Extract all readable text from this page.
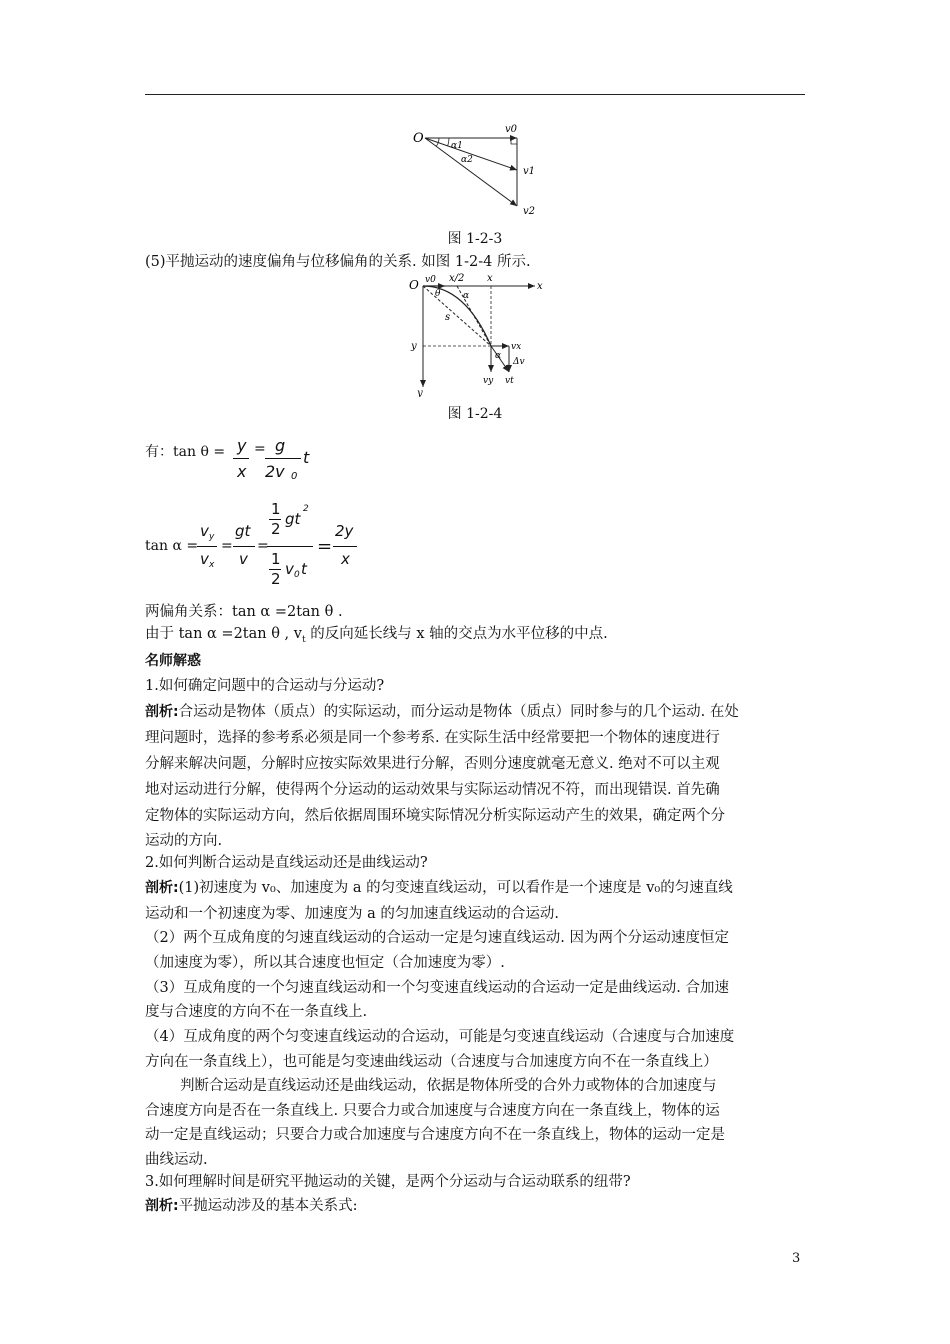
O
v0
α1
α2
v1
v2
图 1-2-3
(5)平抛运动的速度偏角与位移偏角的关系. 如图 1-2-4 所示.
O v0 x/2 x
x
θ	α
s
y
y
vx
α
Δv
vy vt
图 1-2-4
有：tan θ = y
x
= g
2v 0
t
tan α =
v y
v x
=
gt
v
=
1
2
gt
2
1
2
v 0 t
=
2y
x
两偏角关系：tan α =2tan θ .
由于 tan α =2tan θ , $v_t$ 的反向延长线与 x 轴的交点为水平位移的中点.
名师解惑
1.如何确定问题中的合运动与分运动?
剖析:合运动是物体（质点）的实际运动，而分运动是物体（质点）同时参与的几个运动. 在处
理问题时，选择的参考系必须是同一个参考系. 在实际生活中经常要把一个物体的速度进行
分解来解决问题，分解时应按实际效果进行分解，否则分速度就毫无意义. 绝对不可以主观
地对运动进行分解，使得两个分运动的运动效果与实际运动情况不符，而出现错误. 首先确
定物体的实际运动方向，然后依据周围环境实际情况分析实际运动产生的效果，确定两个分
运动的方向.
2.如何判断合运动是直线运动还是曲线运动?
剖析:(1)初速度为 v₀、加速度为 a 的匀变速直线运动，可以看作是一个速度是 v₀的匀速直线
运动和一个初速度为零、加速度为 a 的匀加速直线运动的合运动.
（2）两个互成角度的匀速直线运动的合运动一定是匀速直线运动. 因为两个分运动速度恒定
（加速度为零），所以其合速度也恒定（合加速度为零）.
（3）互成角度的一个匀速直线运动和一个匀变速直线运动的合运动一定是曲线运动. 合加速
度与合速度的方向不在一条直线上.
（4）互成角度的两个匀变速直线运动的合运动，可能是匀变速直线运动（合速度与合加速度
方向在一条直线上），也可能是匀变速曲线运动（合速度与合加速度方向不在一条直线上）
判断合运动是直线运动还是曲线运动，依据是物体所受的合外力或物体的合加速度与
合速度方向是否在一条直线上. 只要合力或合加速度与合速度方向在一条直线上，物体的运
动一定是直线运动；只要合力或合加速度与合速度方向不在一条直线上，物体的运动一定是
曲线运动.
3.如何理解时间是研究平抛运动的关键，是两个分运动与合运动联系的纽带?
剖析:平抛运动涉及的基本关系式:
3
